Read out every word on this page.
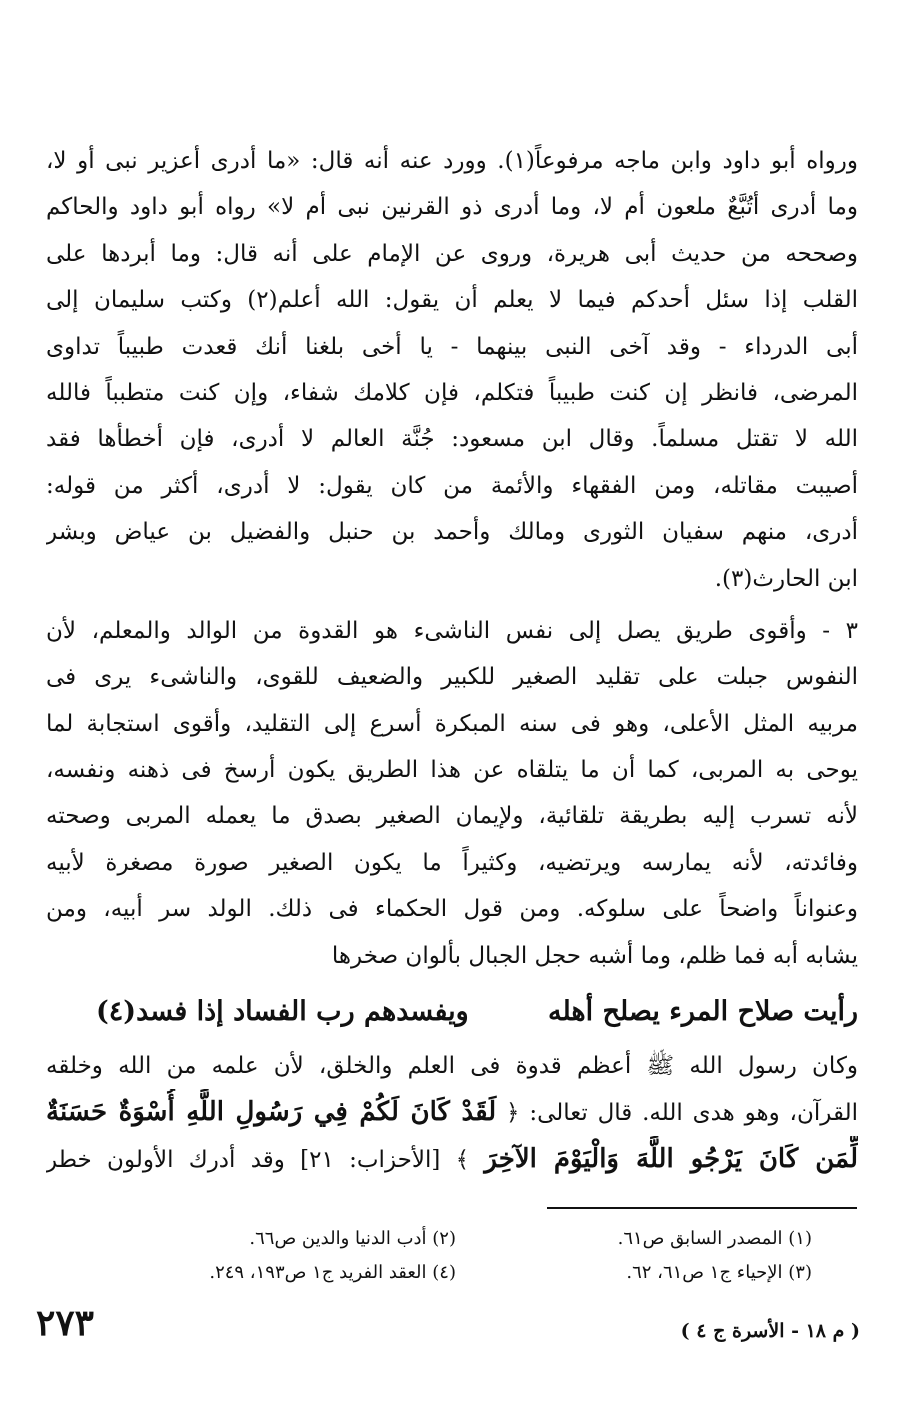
ورواه أبو داود وابن ماجه مرفوعاً(١). وورد عنه أنه قال: «ما أدرى أعزير نبى أو لا،
وما أدرى أتُبَّعٌ ملعون أم لا، وما أدرى ذو القرنين نبى أم لا» رواه أبو داود والحاكم
وصححه من حديث أبى هريرة، وروى عن الإمام على أنه قال: وما أبردها على
القلب إذا سئل أحدكم فيما لا يعلم أن يقول: الله أعلم(٢) وكتب سليمان إلى
أبى الدرداء - وقد آخى النبى بينهما - يا أخى بلغنا أنك قعدت طبيباً تداوى
المرضى، فانظر إن كنت طبيباً فتكلم، فإن كلامك شفاء، وإن كنت متطبباً فالله
الله لا تقتل مسلماً. وقال ابن مسعود: جُنَّة العالم لا أدرى، فإن أخطأها فقد
أصيبت مقاتله، ومن الفقهاء والأئمة من كان يقول: لا أدرى، أكثر من قوله:
أدرى، منهم سفيان الثورى ومالك وأحمد بن حنبل والفضيل بن عياض وبشر
ابن الحارث(٣).
٣ - وأقوى طريق يصل إلى نفس الناشىء هو القدوة من الوالد والمعلم، لأن
النفوس جبلت على تقليد الصغير للكبير والضعيف للقوى، والناشىء يرى فى
مربيه المثل الأعلى، وهو فى سنه المبكرة أسرع إلى التقليد، وأقوى استجابة لما
يوحى به المربى، كما أن ما يتلقاه عن هذا الطريق يكون أرسخ فى ذهنه ونفسه،
لأنه تسرب إليه بطريقة تلقائية، ولإيمان الصغير بصدق ما يعمله المربى وصحته
وفائدته، لأنه يمارسه ويرتضيه، وكثيراً ما يكون الصغير صورة مصغرة لأبيه
وعنواناً واضحاً على سلوكه. ومن قول الحكماء فى ذلك. الولد سر أبيه، ومن
يشابه أبه فما ظلم، وما أشبه حجل الجبال بألوان صخرها
رأيت صلاح المرء يصلح أهله
ويفسدهم رب الفساد إذا فسد(٤)
وكان رسول الله ﷺ أعظم قدوة فى العلم والخلق، لأن علمه من الله وخلقه
القرآن، وهو هدى الله. قال تعالى: ﴿ لَقَدْ كَانَ لَكُمْ فِي رَسُولِ اللَّهِ أُسْوَةٌ حَسَنَةٌ
لِّمَن كَانَ يَرْجُو اللَّهَ وَالْيَوْمَ الآخِرَ ﴾ [الأحزاب: ٢١] وقد أدرك الأولون خطر
(١) المصدر السابق ص٦١.
(٢) أدب الدنيا والدين ص٦٦.
(٣) الإحياء ج١ ص٦١، ٦٢.
(٤) العقد الفريد ج١ ص١٩٣، ٢٤٩.
٢٧٣	( م ١٨ - الأسرة ج ٤ )
